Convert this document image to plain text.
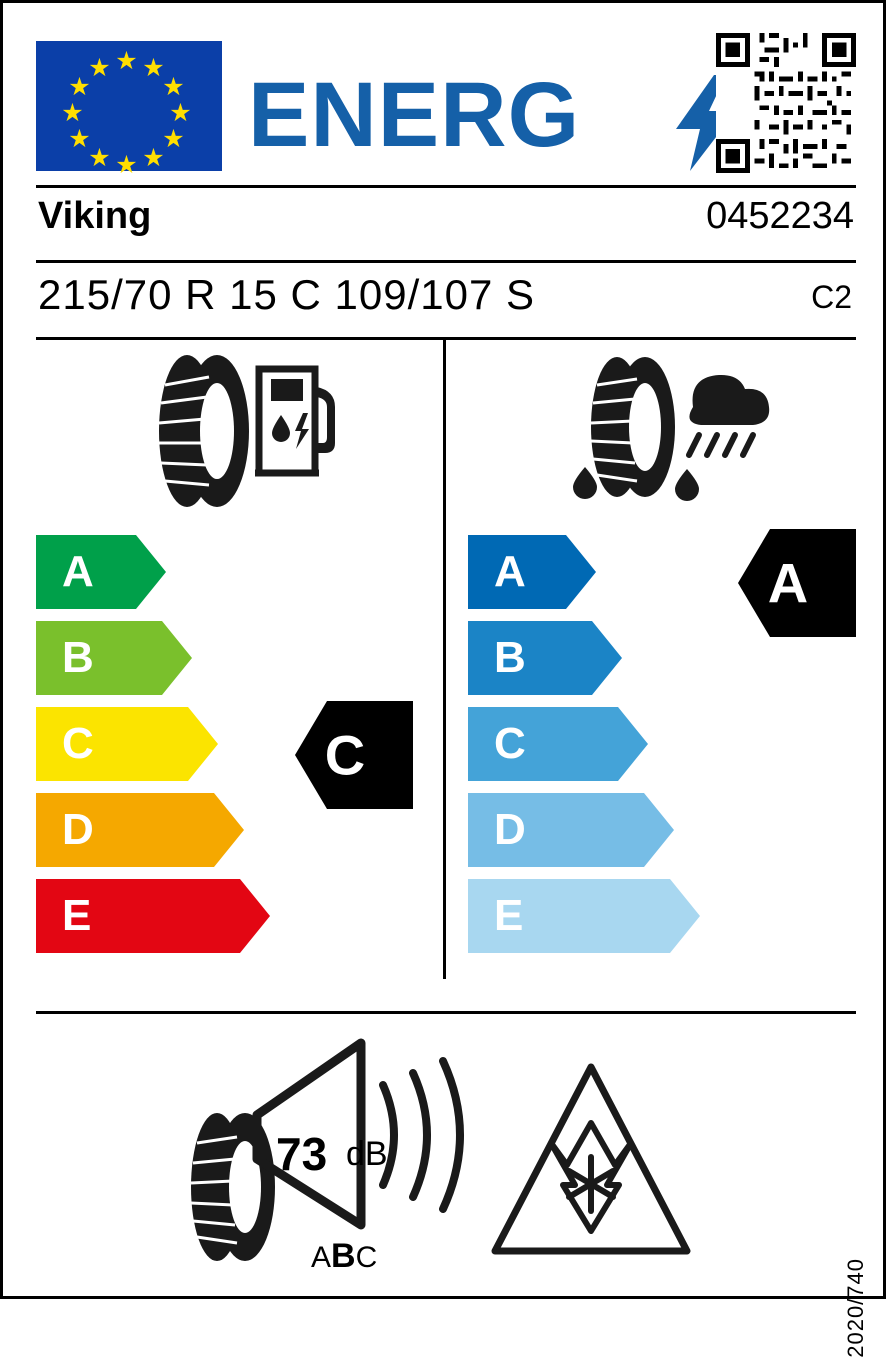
★ ★
★
★
★
★
★
★
★
★
★
★ ENERG
Viking	0452234
215/70 R 15 C 109/107 S	C2
A
B
C
D
E
C
A
B
C
D
E
A
73 dB
ABC
2020/740
